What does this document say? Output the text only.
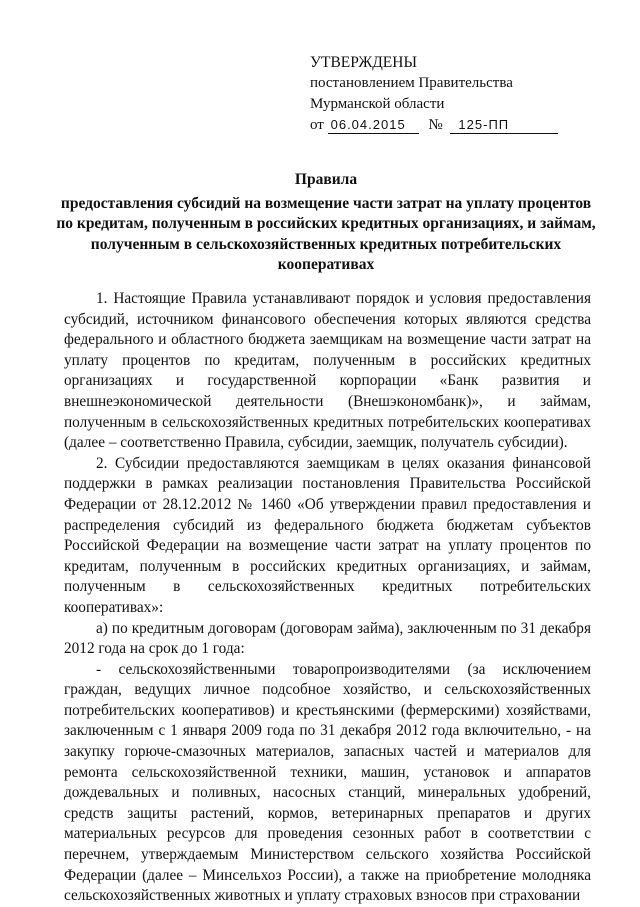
УТВЕРЖДЕНЫ
постановлением Правительства
Мурманской области
от 06.04.2015 № 125-ПП
Правила
предоставления субсидий на возмещение части затрат на уплату процентов по кредитам, полученным в российских кредитных организациях, и займам, полученным в сельскохозяйственных кредитных потребительских кооперативах

1. Настоящие Правила устанавливают порядок и условия предоставления субсидий, источником финансового обеспечения которых являются средства федерального и областного бюджета заемщикам на возмещение части затрат на уплату процентов по кредитам, полученным в российских кредитных организациях и государственной корпорации «Банк развития и внешнеэкономической деятельности (Внешэкономбанк)», и займам, полученным в сельскохозяйственных кредитных потребительских кооперативах (далее – соответственно Правила, субсидии, заемщик, получатель субсидии).

2. Субсидии предоставляются заемщикам в целях оказания финансовой поддержки в рамках реализации постановления Правительства Российской Федерации от 28.12.2012 № 1460 «Об утверждении правил предоставления и распределения субсидий из федерального бюджета бюджетам субъектов Российской Федерации на возмещение части затрат на уплату процентов по кредитам, полученным в российских кредитных организациях, и займам, полученным в сельскохозяйственных кредитных потребительских кооперативах»:

а) по кредитным договорам (договорам займа), заключенным по 31 декабря 2012 года на срок до 1 года:

- сельскохозяйственными товаропроизводителями (за исключением граждан, ведущих личное подсобное хозяйство, и сельскохозяйственных потребительских кооперативов) и крестьянскими (фермерскими) хозяйствами, заключенным с 1 января 2009 года по 31 декабря 2012 года включительно, - на закупку горюче-смазочных материалов, запасных частей и материалов для ремонта сельскохозяйственной техники, машин, установок и аппаратов дождевальных и поливных, насосных станций, минеральных удобрений, средств защиты растений, кормов, ветеринарных препаратов и других материальных ресурсов для проведения сезонных работ в соответствии с перечнем, утверждаемым Министерством сельского хозяйства Российской Федерации (далее – Минсельхоз России), а также на приобретение молодняка сельскохозяйственных животных и уплату страховых взносов при страховании
